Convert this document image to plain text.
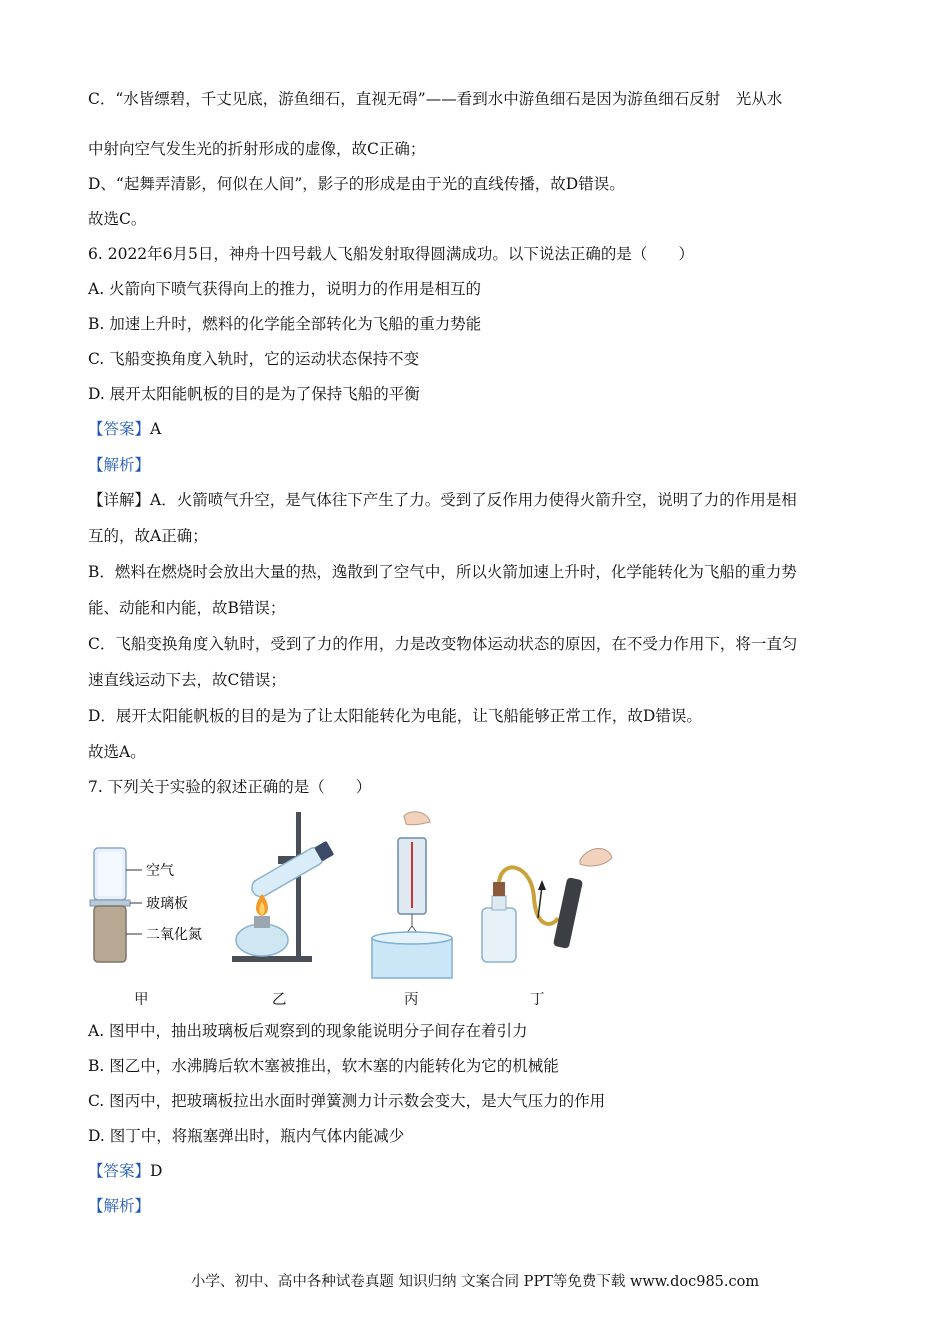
C．“水皆缥碧，千丈见底，游鱼细石，直视无碍”——看到水中游鱼细石是因为游鱼细石反射　光从水
中射向空气发生光的折射形成的虚像，故C正确；
D、“起舞弄清影，何似在人间”，影子的形成是由于光的直线传播，故D错误。
故选C。
6. 2022年6月5日，神舟十四号载人飞船发射取得圆满成功。以下说法正确的是（　　）
A. 火箭向下喷气获得向上的推力，说明力的作用是相互的
B. 加速上升时，燃料的化学能全部转化为飞船的重力势能
C. 飞船变换角度入轨时，它的运动状态保持不变
D. 展开太阳能帆板的目的是为了保持飞船的平衡
【答案】A
【解析】
【详解】A．火箭喷气升空，是气体往下产生了力。受到了反作用力使得火箭升空，说明了力的作用是相
互的，故A正确；
B．燃料在燃烧时会放出大量的热，逸散到了空气中，所以火箭加速上升时，化学能转化为飞船的重力势
能、动能和内能，故B错误；
C．飞船变换角度入轨时，受到了力的作用，力是改变物体运动状态的原因，在不受力作用下，将一直匀
速直线运动下去，故C错误；
D．展开太阳能帆板的目的是为了让太阳能转化为电能，让飞船能够正常工作，故D错误。
故选A。
7. 下列关于实验的叙述正确的是（　　）
空气
玻璃板
二氧化氮
甲	乙	丙	丁
A. 图甲中，抽出玻璃板后观察到的现象能说明分子间存在着引力
B. 图乙中，水沸腾后软木塞被推出，软木塞的内能转化为它的机械能
C. 图丙中，把玻璃板拉出水面时弹簧测力计示数会变大，是大气压力的作用
D. 图丁中，将瓶塞弹出时，瓶内气体内能减少
【答案】D
【解析】
小学、初中、高中各种试卷真题 知识归纳 文案合同 PPT等免费下载 www.doc985.com
